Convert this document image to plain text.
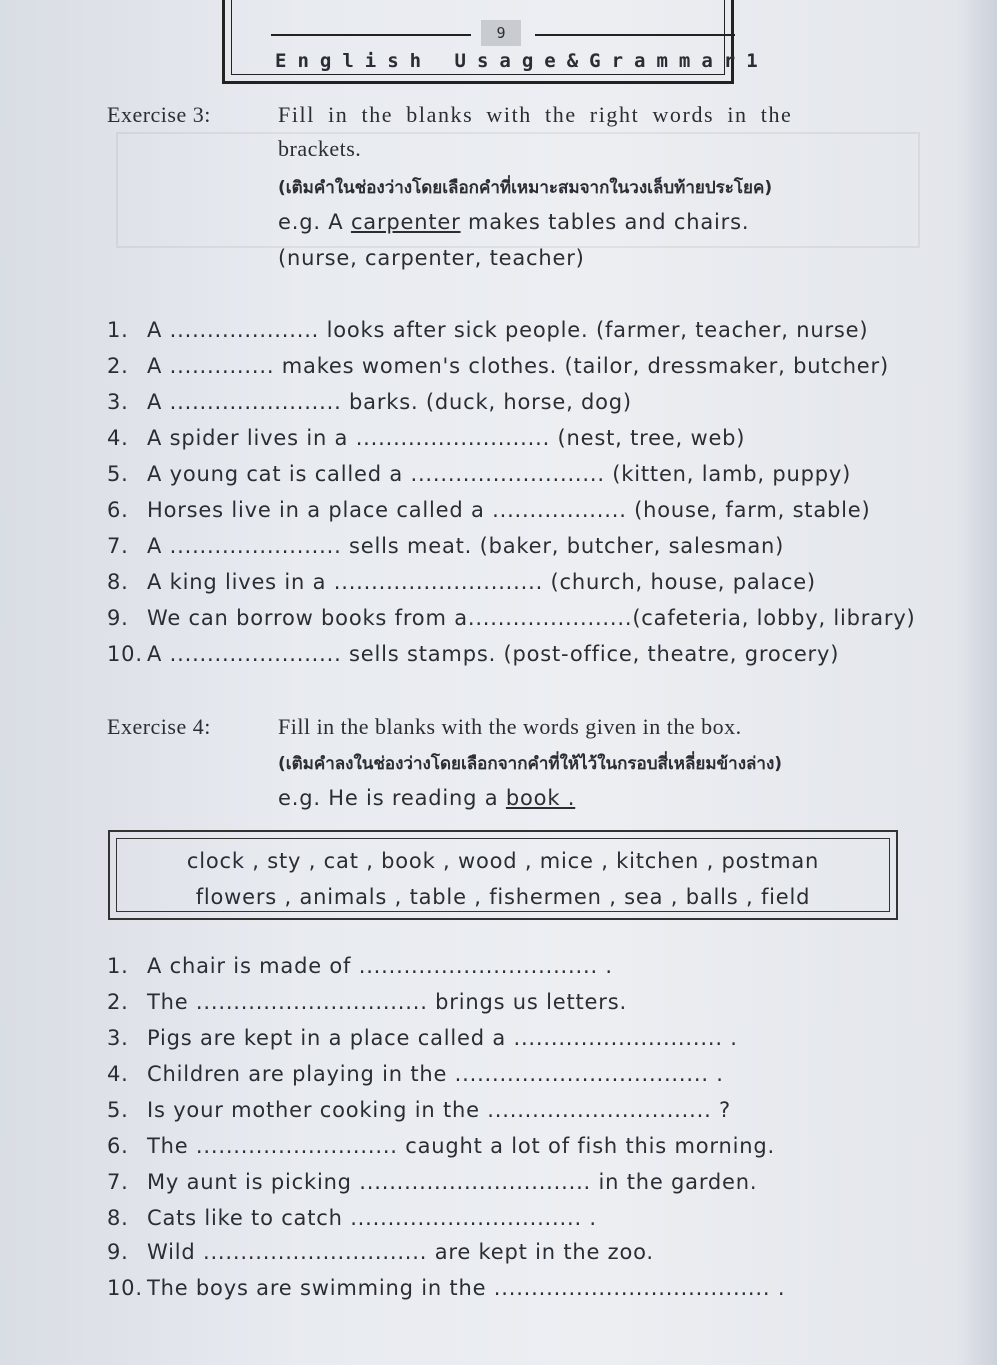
9
English Usage&Grammar1
Exercise 3:	Fill in the blanks with the right words in the
brackets.
(เติมคำในช่องว่างโดยเลือกคำที่เหมาะสมจากในวงเล็บท้ายประโยค)
e.g. A carpenter makes tables and chairs.
(nurse, carpenter, teacher)
1. A .................... looks after sick people. (farmer, teacher, nurse)
2. A .............. makes women's clothes. (tailor, dressmaker, butcher)
3. A ....................... barks. (duck, horse, dog)
4. A spider lives in a .......................... (nest, tree, web)
5. A young cat is called a .......................... (kitten, lamb, puppy)
6. Horses live in a place called a .................. (house, farm, stable)
7. A ....................... sells meat. (baker, butcher, salesman)
8. A king lives in a ............................ (church, house, palace)
9. We can borrow books from a......................(cafeteria, lobby, library)
10. A ....................... sells stamps. (post-office, theatre, grocery)
Exercise 4:	Fill in the blanks with the words given in the box.
(เติมคำลงในช่องว่างโดยเลือกจากคำที่ให้ไว้ในกรอบสี่เหลี่ยมข้างล่าง)
e.g. He is reading a book .
clock , sty , cat , book , wood , mice , kitchen , postman
flowers , animals , table , fishermen , sea , balls , field
1. A chair is made of ................................ .
2. The ............................... brings us letters.
3. Pigs are kept in a place called a ............................ .
4. Children are playing in the .................................. .
5. Is your mother cooking in the .............................. ?
6. The ........................... caught a lot of fish this morning.
7. My aunt is picking ............................... in the garden.
8. Cats like to catch ............................... .
9. Wild .............................. are kept in the zoo.
10. The boys are swimming in the ..................................... .
